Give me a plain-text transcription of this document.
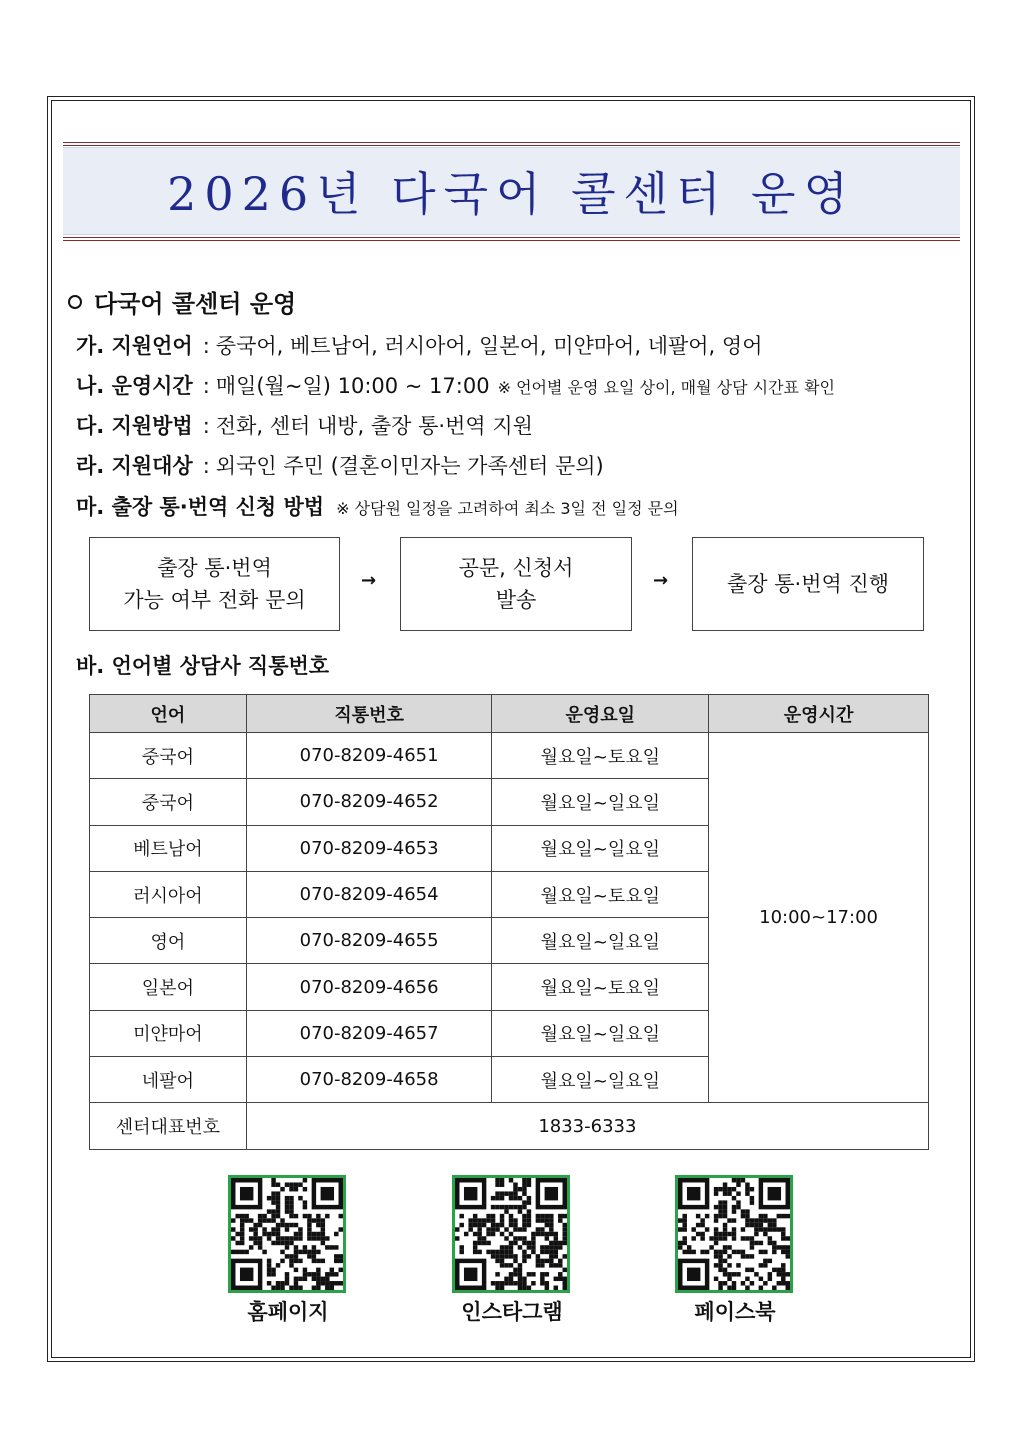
2026년 다국어 콜센터 운영
다국어 콜센터 운영
가. 지원언어 : 중국어, 베트남어, 러시아어, 일본어, 미얀마어, 네팔어, 영어
나. 운영시간 : 매일(월~일) 10:00 ~ 17:00 ※ 언어별 운영 요일 상이, 매월 상담 시간표 확인
다. 지원방법 : 전화, 센터 내방, 출장 통·번역 지원
라. 지원대상 : 외국인 주민 (결혼이민자는 가족센터 문의)
마. 출장 통·번역 신청 방법 ※ 상담원 일정을 고려하여 최소 3일 전 일정 문의
출장 통·번역
가능 여부 전화 문의
→
공문, 신청서
발송
→	출장 통·번역 진행
바. 언어별 상담사 직통번호
언어	직통번호	운영요일	운영시간
중국어	070-8209-4651	월요일~토요일	10:00~17:00
중국어	070-8209-4652	월요일~일요일	
베트남어	070-8209-4653	월요일~일요일	
러시아어	070-8209-4654	월요일~토요일	
영어	070-8209-4655	월요일~일요일	
일본어	070-8209-4656	월요일~토요일	
미얀마어	070-8209-4657	월요일~일요일	
네팔어	070-8209-4658	월요일~일요일	
센터대표번호	1833-6333		
홈페이지	인스타그램	페이스북
